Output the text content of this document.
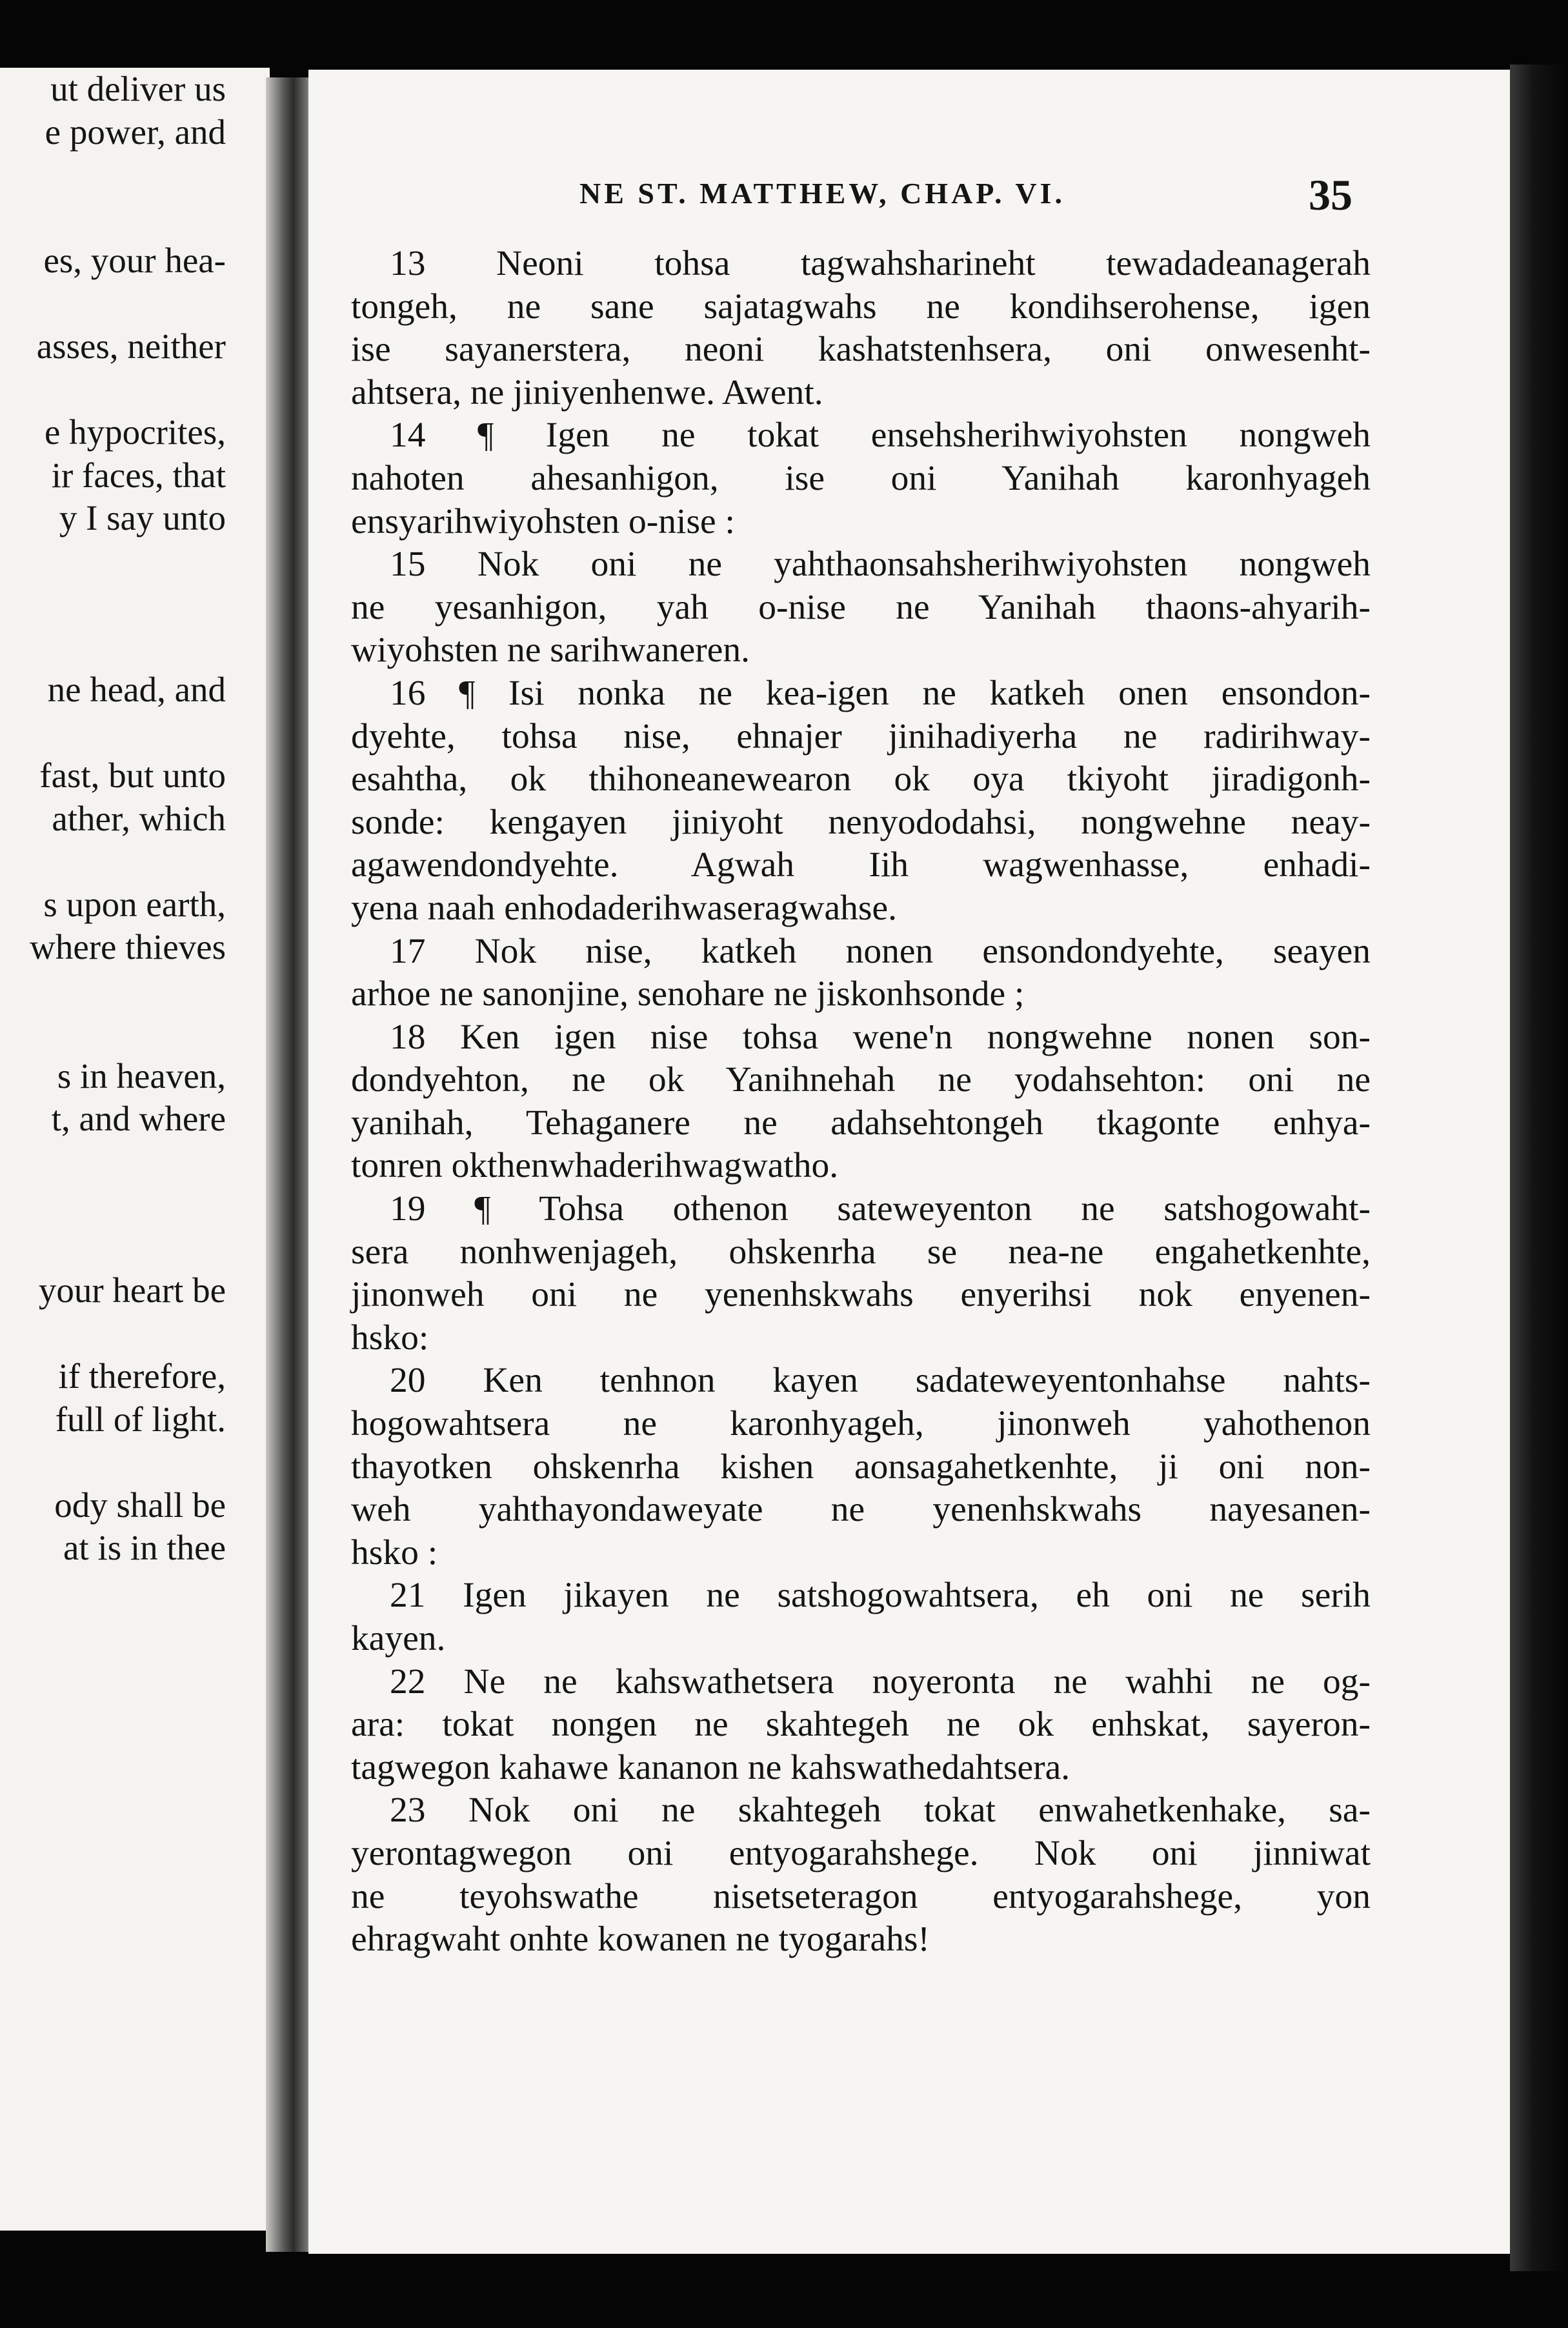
ut deliver us
e power, and
es, your hea-
asses, neither
e hypocrites,
ir faces, that
y I say unto
ne head, and
fast, but unto
ather, which
s upon earth,
where thieves
s in heaven,
t, and where
your heart be
if therefore,
full of light.
ody shall be
at is in thee
NE ST. MATTHEW, CHAP. VI.	35
13 Neoni tohsa tagwahsharineht tewadadeanagerah
tongeh, ne sane sajatagwahs ne kondihserohense, igen
ise sayanerstera, neoni kashatstenhsera, oni onwesenht-
ahtsera, ne jiniyenhenwe. Awent.
14 ¶ Igen ne tokat ensehsherihwiyohsten nongweh
nahoten ahesanhigon, ise oni Yanihah karonhyageh
ensyarihwiyohsten o-nise :
15 Nok oni ne yahthaonsahsherihwiyohsten nongweh
ne yesanhigon, yah o-nise ne Yanihah thaons-ahyarih-
wiyohsten ne sarihwaneren.
16 ¶ Isi nonka ne kea-igen ne katkeh onen ensondon-
dyehte, tohsa nise, ehnajer jinihadiyerha ne radirihway-
esahtha, ok thihoneanewearon ok oya tkiyoht jiradigonh-
sonde: kengayen jiniyoht nenyododahsi, nongwehne neay-
agawendondyehte. Agwah Iih wagwenhasse, enhadi-
yena naah enhodaderihwaseragwahse.
17 Nok nise, katkeh nonen ensondondyehte, seayen
arhoe ne sanonjine, senohare ne jiskonhsonde ;
18 Ken igen nise tohsa wene'n nongwehne nonen son-
dondyehton, ne ok Yanihnehah ne yodahsehton: oni ne
yanihah, Tehaganere ne adahsehtongeh tkagonte enhya-
tonren okthenwhaderihwagwatho.
19 ¶ Tohsa othenon sateweyenton ne satshogowaht-
sera nonhwenjageh, ohskenrha se nea-ne engahetkenhte,
jinonweh oni ne yenenhskwahs enyerihsi nok enyenen-
hsko:
20 Ken tenhnon kayen sadateweyentonhahse nahts-
hogowahtsera ne karonhyageh, jinonweh yahothenon
thayotken ohskenrha kishen aonsagahetkenhte, ji oni non-
weh yahthayondaweyate ne yenenhskwahs nayesanen-
hsko :
21 Igen jikayen ne satshogowahtsera, eh oni ne serih
kayen.
22 Ne ne kahswathetsera noyeronta ne wahhi ne og-
ara: tokat nongen ne skahtegeh ne ok enhskat, sayeron-
tagwegon kahawe kananon ne kahswathedahtsera.
23 Nok oni ne skahtegeh tokat enwahetkenhake, sa-
yerontagwegon oni entyogarahshege. Nok oni jinniwat
ne teyohswathe nisetseteragon entyogarahshege, yon
ehragwaht onhte kowanen ne tyogarahs!
